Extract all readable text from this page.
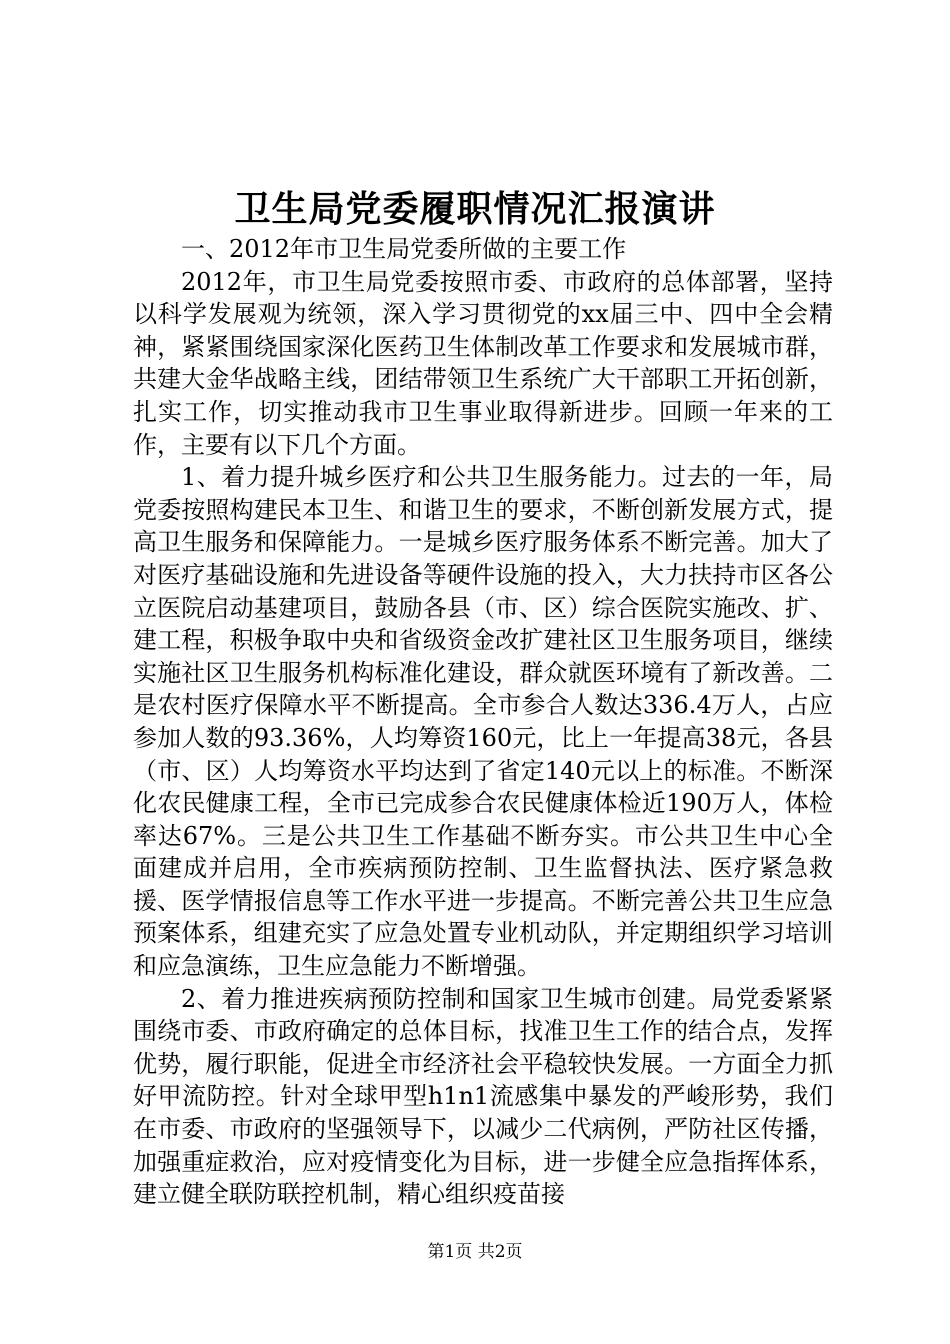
卫生局党委履职情况汇报演讲

一、2012年市卫生局党委所做的主要工作

2012年，市卫生局党委按照市委、市政府的总体部署，坚持以科学发展观为统领，深入学习贯彻党的xx届三中、四中全会精神，紧紧围绕国家深化医药卫生体制改革工作要求和发展城市群，共建大金华战略主线，团结带领卫生系统广大干部职工开拓创新，扎实工作，切实推动我市卫生事业取得新进步。回顾一年来的工作，主要有以下几个方面。

1、着力提升城乡医疗和公共卫生服务能力。过去的一年，局党委按照构建民本卫生、和谐卫生的要求，不断创新发展方式，提高卫生服务和保障能力。一是城乡医疗服务体系不断完善。加大了对医疗基础设施和先进设备等硬件设施的投入，大力扶持市区各公立医院启动基建项目，鼓励各县（市、区）综合医院实施改、扩、建工程，积极争取中央和省级资金改扩建社区卫生服务项目，继续实施社区卫生服务机构标准化建设，群众就医环境有了新改善。二是农村医疗保障水平不断提高。全市参合人数达336.4万人，占应参加人数的93.36%，人均筹资160元，比上一年提高38元，各县（市、区）人均筹资水平均达到了省定140元以上的标准。不断深化农民健康工程，全市已完成参合农民健康体检近190万人，体检率达67%。三是公共卫生工作基础不断夯实。市公共卫生中心全面建成并启用，全市疾病预防控制、卫生监督执法、医疗紧急救援、医学情报信息等工作水平进一步提高。不断完善公共卫生应急预案体系，组建充实了应急处置专业机动队，并定期组织学习培训和应急演练，卫生应急能力不断增强。

2、着力推进疾病预防控制和国家卫生城市创建。局党委紧紧围绕市委、市政府确定的总体目标，找准卫生工作的结合点，发挥优势，履行职能，促进全市经济社会平稳较快发展。一方面全力抓好甲流防控。针对全球甲型h1n1流感集中暴发的严峻形势，我们在市委、市政府的坚强领导下，以减少二代病例，严防社区传播，加强重症救治，应对疫情变化为目标，进一步健全应急指挥体系，建立健全联防联控机制，精心组织疫苗接

第1页 共2页
